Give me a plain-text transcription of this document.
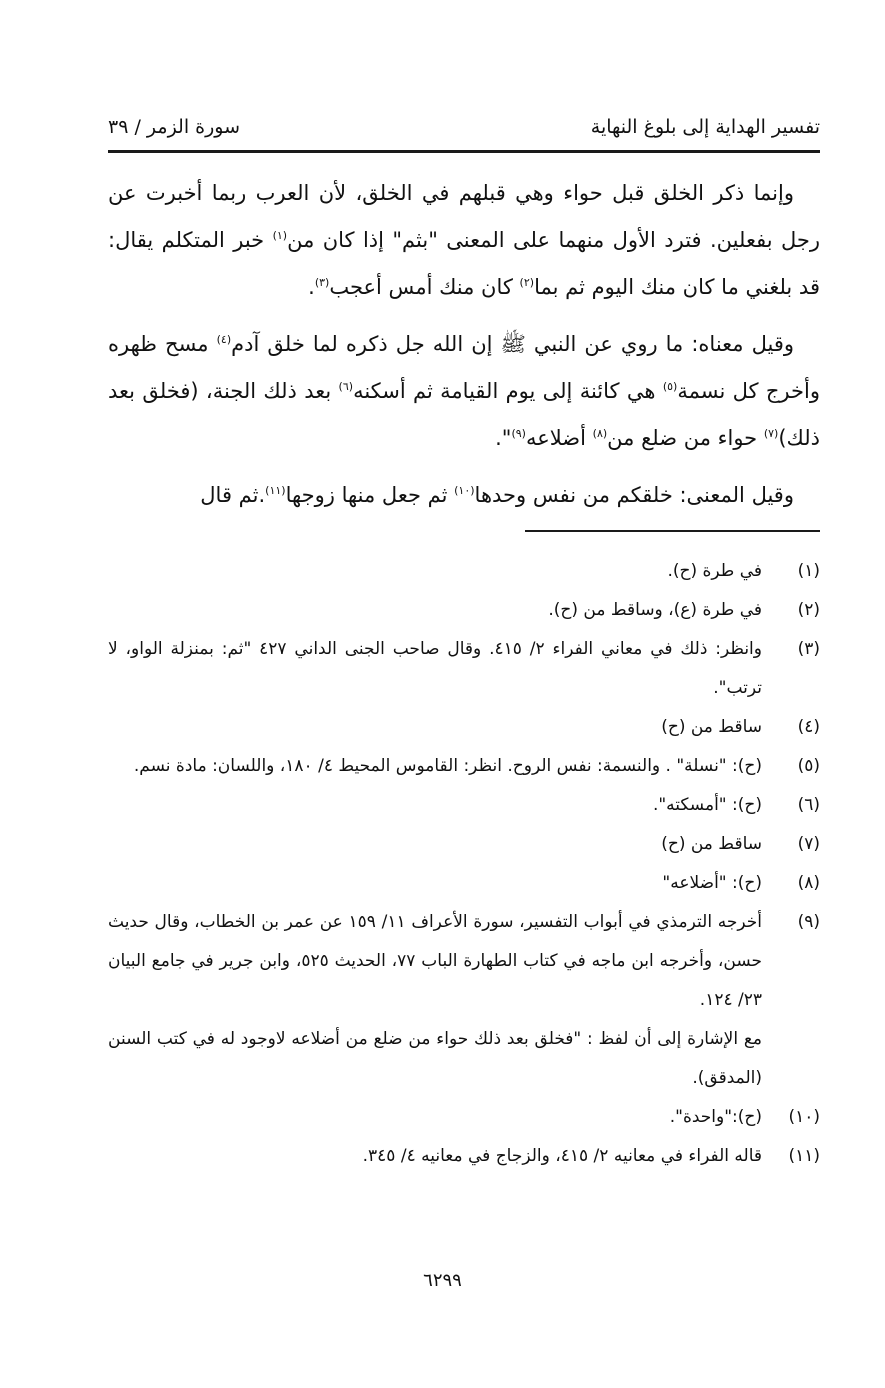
تفسير الهداية إلى بلوغ النهاية
سورة الزمر / ٣٩

وإنما ذكر الخلق قبل حواء وهي قبلهم في الخلق، لأن العرب ربما أخبرت عن رجل بفعلين. فترد الأول منهما على المعنى "بثم" إذا كان من$^{(١)}$ خبر المتكلم يقال: قد بلغني ما كان منك اليوم ثم بما$^{(٢)}$ كان منك أمس أعجب$^{(٣)}$.

وقيل معناه: ما روي عن النبي ﷺ إن الله جل ذكره لما خلق آدم$^{(٤)}$ مسح ظهره وأخرج كل نسمة$^{(٥)}$ هي كائنة إلى يوم القيامة ثم أسكنه$^{(٦)}$ بعد ذلك الجنة، (فخلق بعد ذلك)$^{(٧)}$ حواء من ضلع من$^{(٨)}$ أضلاعه$^{(٩)}$".

وقيل المعنى: خلقكم من نفس وحدها$^{(١٠)}$ ثم جعل منها زوجها$^{(١١)}$.ثم قال

(١)
في طرة (ح).
(٢)
في طرة (ع)، وساقط من (ح).
(٣)
وانظر: ذلك في معاني الفراء ٢/ ٤١٥. وقال صاحب الجنى الداني ٤٢٧ "ثم: بمنزلة الواو، لا ترتب".
(٤)
ساقط من (ح)
(٥)
(ح): "نسلة" . والنسمة: نفس الروح. انظر: القاموس المحيط ٤/ ١٨٠، واللسان: مادة نسم.
(٦)
(ح): "أمسكته".
(٧)
ساقط من (ح)
(٨)
(ح): "أضلاعه"
(٩)
أخرجه الترمذي في أبواب التفسير، سورة الأعراف ١١/ ١٥٩ عن عمر بن الخطاب، وقال حديث حسن، وأخرجه ابن ماجه في كتاب الطهارة الباب ٧٧، الحديث ٥٢٥، وابن جرير في جامع البيان ٢٣/ ١٢٤.
مع الإشارة إلى أن لفظ : "فخلق بعد ذلك حواء من ضلع من أضلاعه لاوجود له في كتب السنن (المدقق).
(١٠)
(ح):"واحدة".
(١١)
قاله الفراء في معانيه ٢/ ٤١٥، والزجاج في معانيه ٤/ ٣٤٥.
٦٢٩٩
